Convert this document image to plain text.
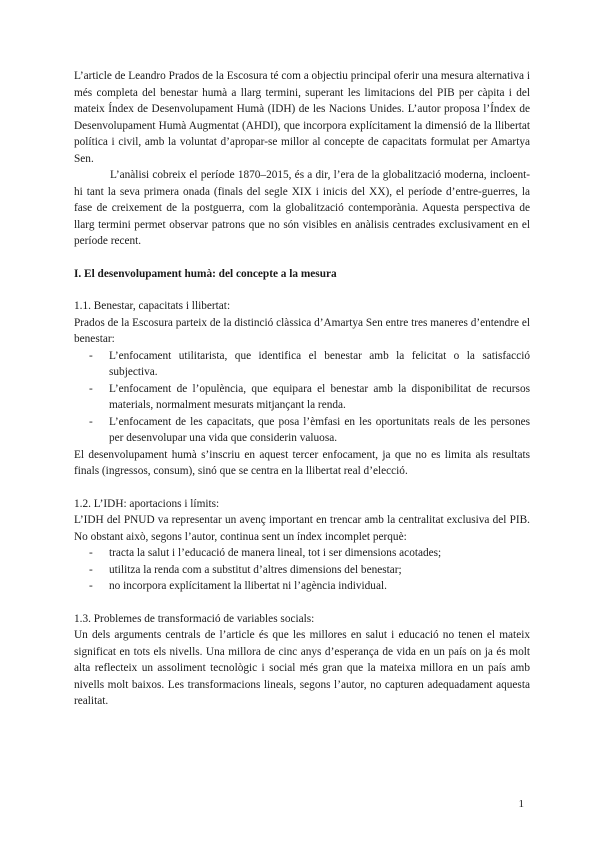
L’article de Leandro Prados de la Escosura té com a objectiu principal oferir una mesura alternativa i més completa del benestar humà a llarg termini, superant les limitacions del PIB per càpita i del mateix Índex de Desenvolupament Humà (IDH) de les Nacions Unides. L’autor proposa l’Índex de Desenvolupament Humà Augmentat (AHDI), que incorpora explícitament la dimensió de la llibertat política i civil, amb la voluntat d’apropar-se millor al concepte de capacitats formulat per Amartya Sen.

L’anàlisi cobreix el període 1870–2015, és a dir, l’era de la globalització moderna, incloent-hi tant la seva primera onada (finals del segle XIX i inicis del XX), el període d’entre-guerres, la fase de creixement de la postguerra, com la globalització contemporània. Aquesta perspectiva de llarg termini permet observar patrons que no són visibles en anàlisis centrades exclusivament en el període recent.

I. El desenvolupament humà: del concepte a la mesura

1.1. Benestar, capacitats i llibertat:

Prados de la Escosura parteix de la distinció clàssica d’Amartya Sen entre tres maneres d’entendre el benestar:

- L’enfocament utilitarista, que identifica el benestar amb la felicitat o la satisfacció subjectiva.
- L’enfocament de l’opulència, que equipara el benestar amb la disponibilitat de recursos materials, normalment mesurats mitjançant la renda.
- L’enfocament de les capacitats, que posa l’èmfasi en les oportunitats reals de les persones per desenvolupar una vida que considerin valuosa.

El desenvolupament humà s’inscriu en aquest tercer enfocament, ja que no es limita als resultats finals (ingressos, consum), sinó que se centra en la llibertat real d’elecció.

1.2. L’IDH: aportacions i límits:

L’IDH del PNUD va representar un avenç important en trencar amb la centralitat exclusiva del PIB. No obstant això, segons l’autor, continua sent un índex incomplet perquè:

- tracta la salut i l’educació de manera lineal, tot i ser dimensions acotades;
- utilitza la renda com a substitut d’altres dimensions del benestar;
- no incorpora explícitament la llibertat ni l’agència individual.

1.3. Problemes de transformació de variables socials:

Un dels arguments centrals de l’article és que les millores en salut i educació no tenen el mateix significat en tots els nivells. Una millora de cinc anys d’esperança de vida en un país on ja és molt alta reflecteix un assoliment tecnològic i social més gran que la mateixa millora en un país amb nivells molt baixos. Les transformacions lineals, segons l’autor, no capturen adequadament aquesta realitat.

1
